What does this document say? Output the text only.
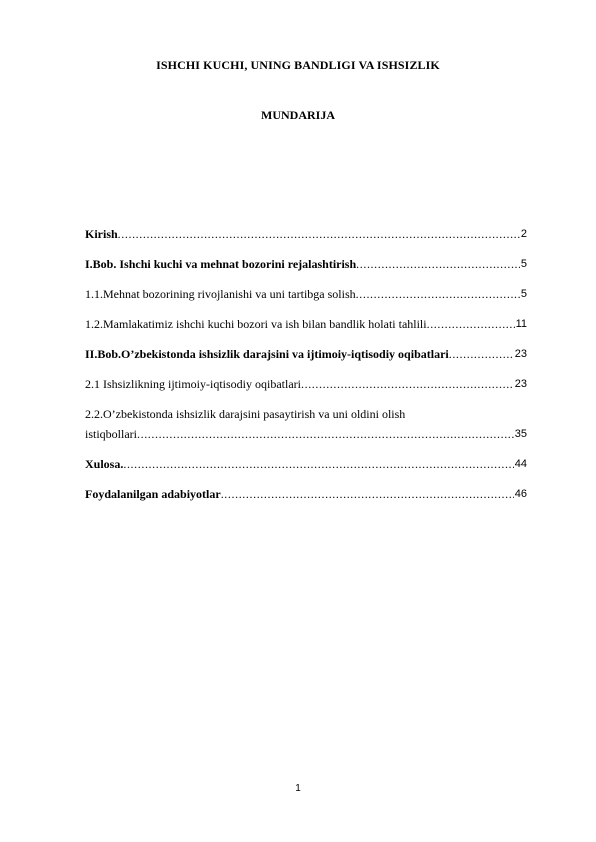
ISHCHI KUCHI, UNING BANDLIGI VA ISHSIZLIK
MUNDARIJA
Kirish .....	2
I.Bob. Ishchi kuchi va mehnat bozorini rejalashtirish .....	5
1.1.Mehnat bozorining rivojlanishi va uni tartibga solish .....	5
1.2.Mamlakatimiz ishchi kuchi bozori va ish bilan bandlik holati tahlili .....	11
II.Bob.O’zbekistonda ishsizlik darajsini va ijtimoiy-iqtisodiy oqibatlari .....	23
2.1 Ishsizlikning ijtimoiy-iqtisodiy oqibatlari .....	23
2.2.O’zbekistonda ishsizlik darajsini pasaytirish va uni oldini olish
istiqbollari .....	35
Xulosa. .....	44
Foydalanilgan adabiyotlar .....	46

1
